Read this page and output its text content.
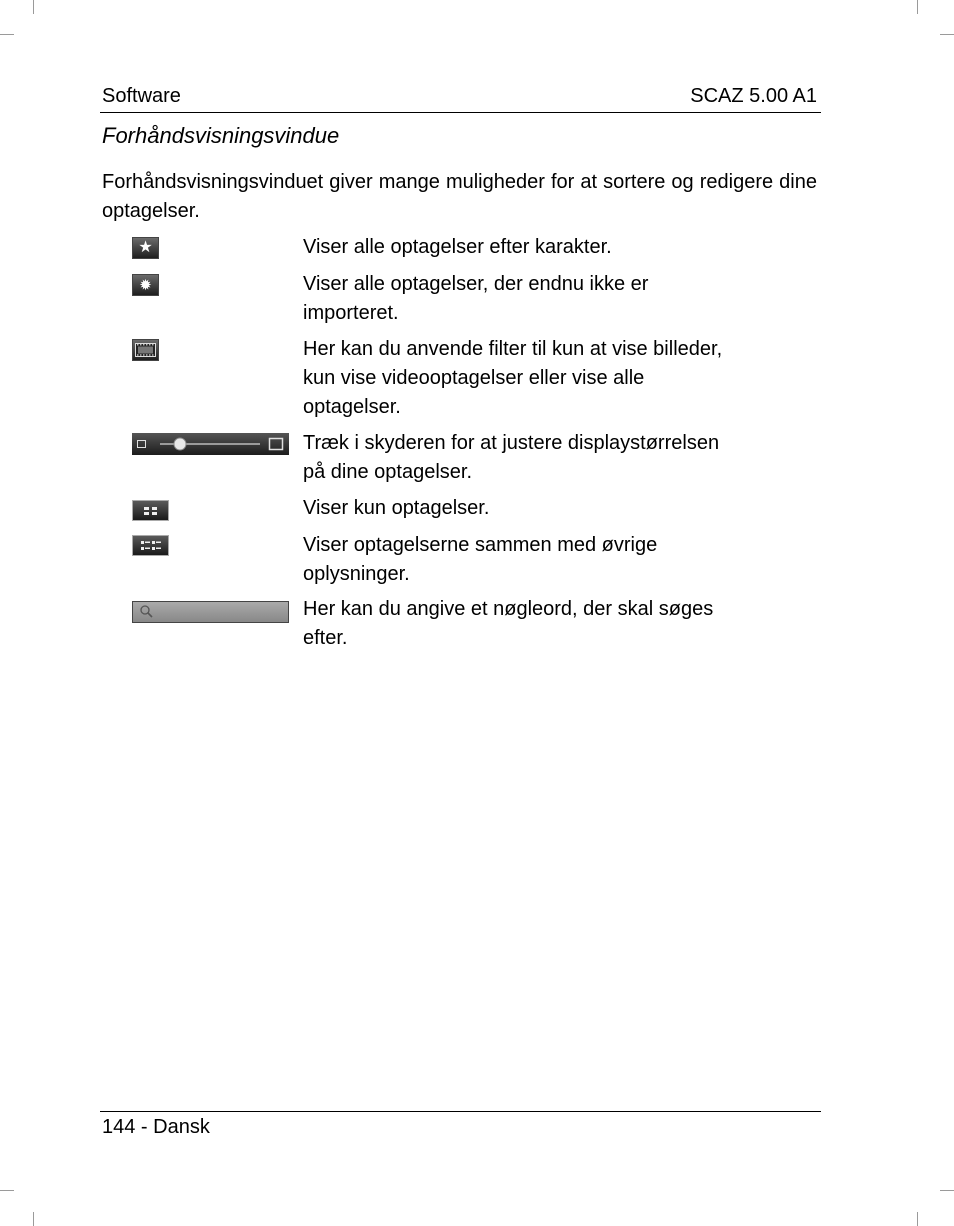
Software	SCAZ 5.00 A1
Forhåndsvisningsvindue
Forhåndsvisningsvinduet giver mange muligheder for at sortere og redigere dine optagelser.
★	Viser alle optagelser efter karakter.
✹	Viser alle optagelser, der endnu ikke er importeret.
Her kan du anvende filter til kun at vise billeder, kun vise videooptagelser eller vise alle optagelser.
Træk i skyderen for at justere displaystørrelsen på dine optagelser.
Viser kun optagelser.
Viser optagelserne sammen med øvrige oplysninger.
Her kan du angive et nøgleord, der skal søges efter.
144 - Dansk
